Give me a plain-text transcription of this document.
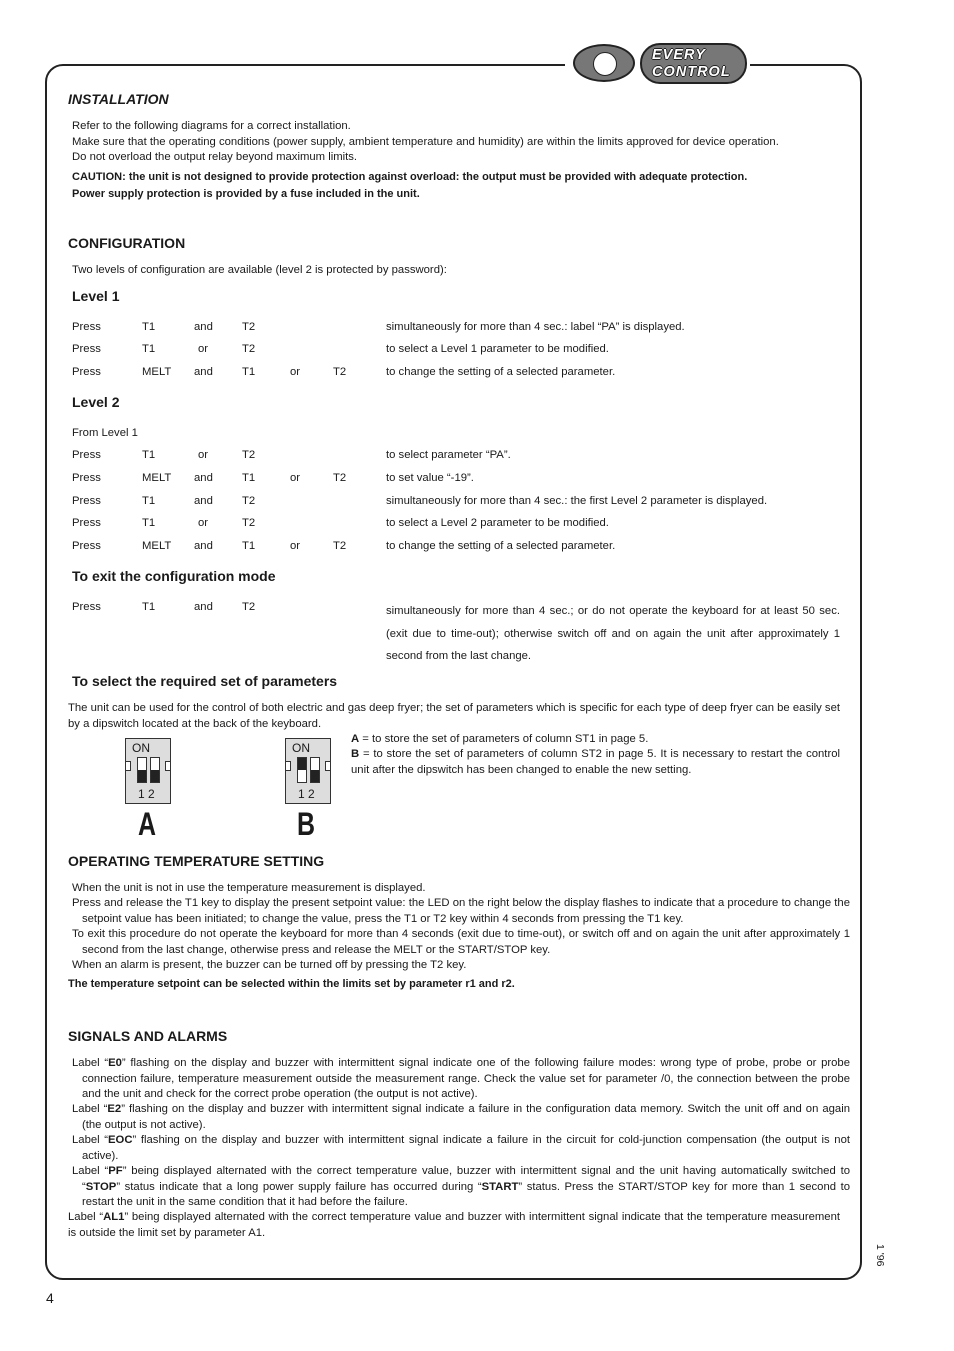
EVERY
CONTROL
INSTALLATION
Refer to the following diagrams for a correct installation.
Make sure that the operating conditions (power supply, ambient temperature and humidity) are within the limits approved for device operation.
Do not overload the output relay beyond maximum limits.
CAUTION: the unit is not designed to provide protection against overload: the output must be provided with adequate protection.
Power supply protection is provided by a fuse included in the unit.
CONFIGURATION
Two levels of configuration are available (level 2 is protected by password):
Level 1
Press	T1	and	T2	simultaneously for more than 4 sec.: label “PA” is displayed.
Press	T1	or	T2	to select a Level 1 parameter to be modified.
Press	MELT and	T1	or	T2	to change the setting of a selected parameter.
Level 2
From Level 1
Press	T1	or	T2	to select parameter “PA”.
Press	MELT and	T1	or	T2	to set value “-19”.
Press	T1	and	T2	simultaneously for more than 4 sec.: the first Level 2 parameter is displayed.
Press	T1	or	T2	to select a Level 2 parameter to be modified.
Press	MELT and	T1	or	T2	to change the setting of a selected parameter.
To exit the configuration mode
Press	T1	and	T2	simultaneously for more than 4 sec.; or do not operate the keyboard for at least 50 sec. (exit due to time-out); otherwise switch off and on again the unit after approximately 1 second from the last change.
To select the required set of parameters
The unit can be used for the control of both electric and gas deep fryer; the set of parameters which is specific for each type of deep fryer can be easily set by a dipswitch located at the back of the keyboard.
ON
1 2
A
ON
1 2
B
A = to store the set of parameters of column ST1 in page 5.
B = to store the set of parameters of column ST2 in page 5. It is necessary to restart the control unit after the dipswitch has been changed to enable the new setting.
OPERATING TEMPERATURE SETTING
When the unit is not in use the temperature measurement is displayed.
Press and release the T1 key to display the present setpoint value: the LED on the right below the display flashes to indicate that a procedure to change the setpoint value has been initiated; to change the value, press the T1 or T2 key within 4 seconds from pressing the T1 key.
To exit this procedure do not operate the keyboard for more than 4 seconds (exit due to time-out), or switch off and on again the unit after approximately 1 second from the last change, otherwise press and release the MELT or the START/STOP key.
When an alarm is present, the buzzer can be turned off by pressing the T2 key.
The temperature setpoint can be selected within the limits set by parameter r1 and r2.
SIGNALS AND ALARMS
Label “E0” flashing on the display and buzzer with intermittent signal indicate one of the following failure modes: wrong type of probe, probe or probe connection failure, temperature measurement outside the measurement range. Check the value set for parameter /0, the connection between the probe and the unit and check for the correct probe operation (the output is not active).
Label “E2” flashing on the display and buzzer with intermittent signal indicate a failure in the configuration data memory. Switch the unit off and on again (the output is not active).
Label “EOC” flashing on the display and buzzer with intermittent signal indicate a failure in the circuit for cold-junction compensation (the output is not active).
Label “PF” being displayed alternated with the correct temperature value, buzzer with intermittent signal and the unit having automatically switched to “STOP” status indicate that a long power supply failure has occurred during “START” status. Press the START/STOP key for more than 1 second to restart the unit in the same condition that it had before the failure.
Label “AL1” being displayed alternated with the correct temperature value and buzzer with intermittent signal indicate that the temperature measurement is outside the limit set by parameter A1.
4
1 '96
